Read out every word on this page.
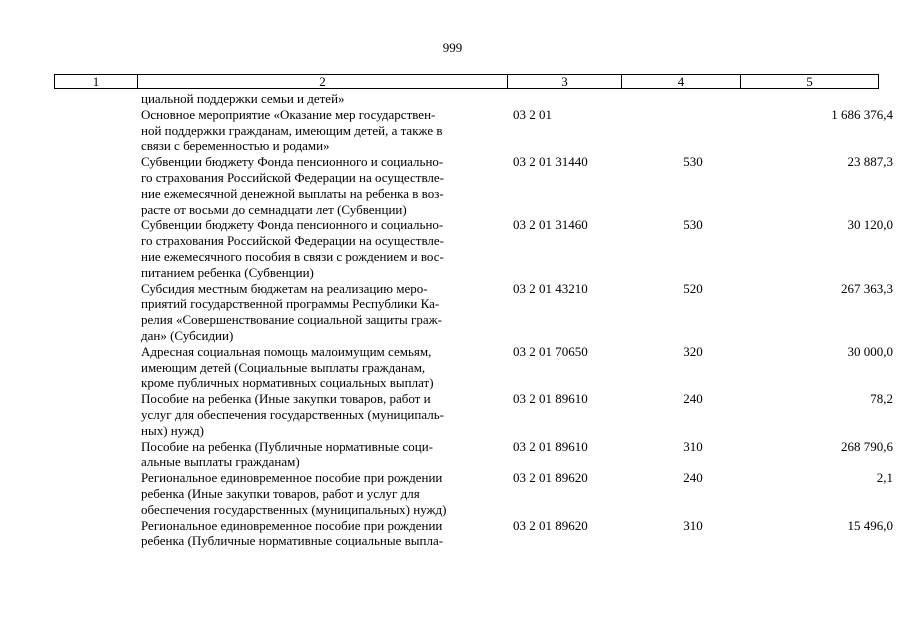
999
1	2	3	4	5
циальной поддержки семьи и детей»
Основное мероприятие «Оказание мер государствен-
ной поддержки гражданам, имеющим детей, а также в
связи с беременностью и родами»
03 2 01	1 686 376,4
Субвенции бюджету Фонда пенсионного и социально-
го страхования Российской Федерации на осуществле-
ние ежемесячной денежной выплаты на ребенка в воз-
расте от восьми до семнадцати лет (Субвенции)
03 2 01 31440	530	23 887,3
Субвенции бюджету Фонда пенсионного и социально-
го страхования Российской Федерации на осуществле-
ние ежемесячного пособия в связи с рождением и вос-
питанием ребенка (Субвенции)
03 2 01 31460	530	30 120,0
Субсидия местным бюджетам на реализацию меро-
приятий государственной программы Республики Ка-
релия «Совершенствование социальной защиты граж-
дан» (Субсидии)
03 2 01 43210	520	267 363,3
Адресная социальная помощь малоимущим семьям,
имеющим детей (Социальные выплаты гражданам,
кроме публичных нормативных социальных выплат)
03 2 01 70650	320	30 000,0
Пособие на ребенка (Иные закупки товаров, работ и
услуг для обеспечения государственных (муниципаль-
ных) нужд)
03 2 01 89610	240	78,2
Пособие на ребенка (Публичные нормативные соци-
альные выплаты гражданам)
03 2 01 89610	310	268 790,6
Региональное единовременное пособие при рождении
ребенка (Иные закупки товаров, работ и услуг для
обеспечения государственных (муниципальных) нужд)
03 2 01 89620	240	2,1
Региональное единовременное пособие при рождении
ребенка (Публичные нормативные социальные выпла-
03 2 01 89620	310	15 496,0
